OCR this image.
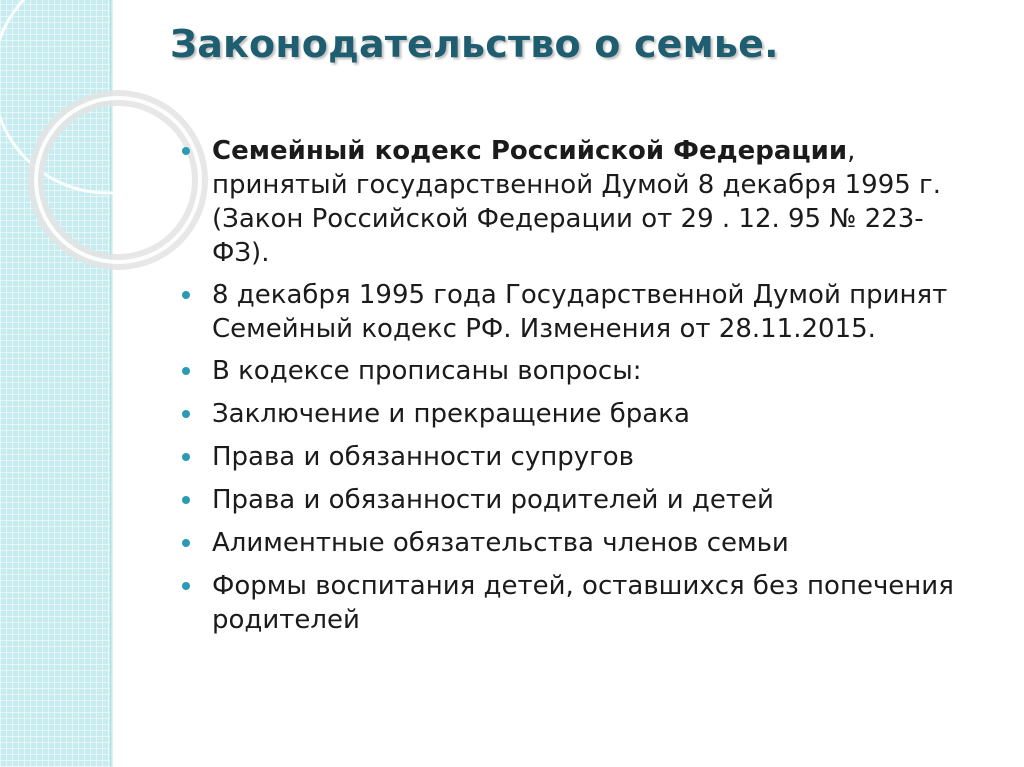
Законодательство о семье.
Семейный кодекс Российской Федерации, принятый государственной Думой 8 декабря 1995 г. (Закон Российской Федерации от 29 . 12. 95 № 223- ФЗ).
8 декабря 1995 года Государственной Думой принят Семейный кодекс РФ. Изменения от 28.11.2015.
В кодексе прописаны вопросы:
Заключение и прекращение брака
Права и обязанности супругов
Права и обязанности родителей и детей
Алиментные обязательства членов семьи
Формы воспитания детей, оставшихся без попечения родителей
